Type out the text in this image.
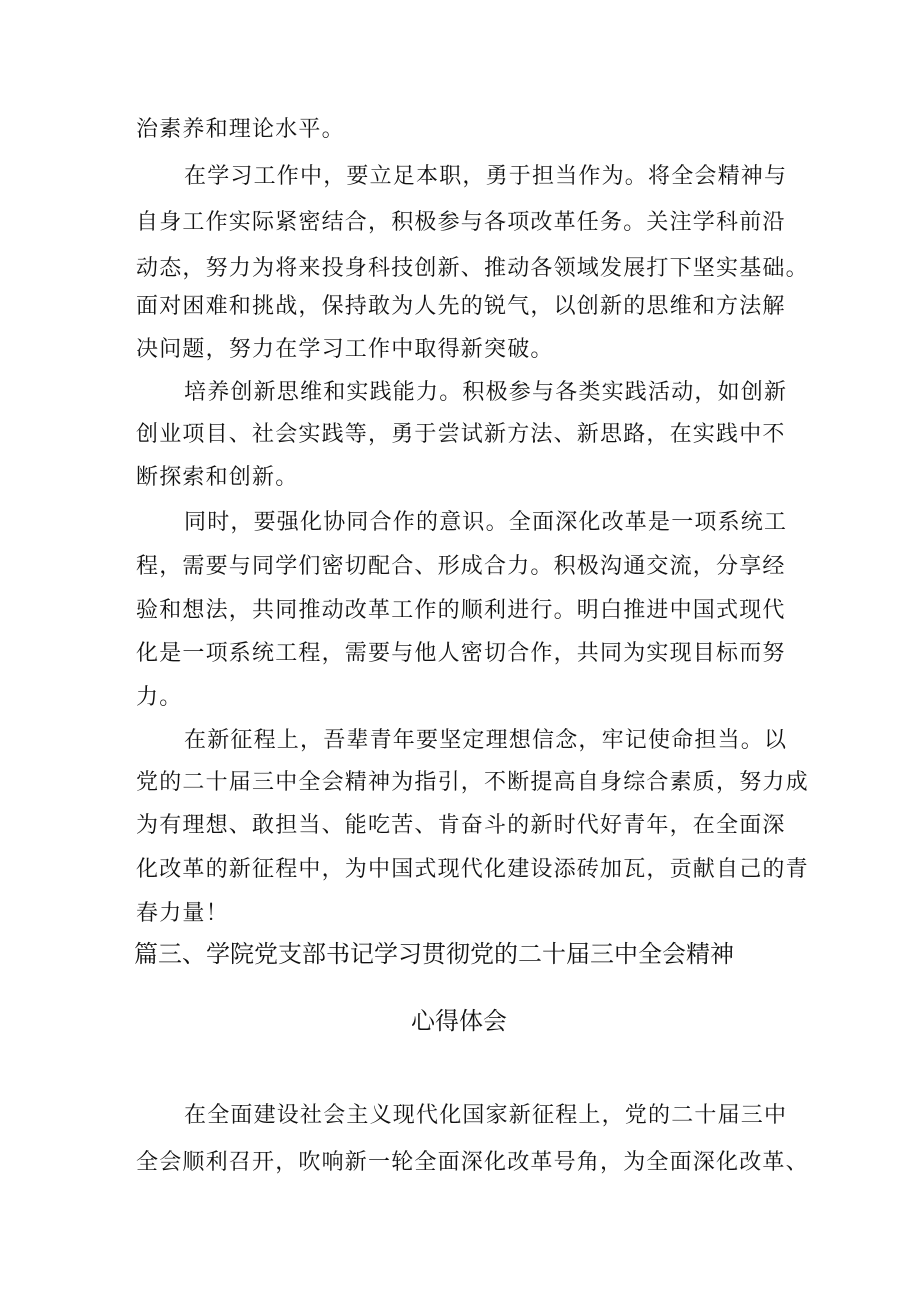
治素养和理论水平。
在学习工作中，要立足本职，勇于担当作为。将全会精神与
自身工作实际紧密结合，积极参与各项改革任务。关注学科前沿
动态，努力为将来投身科技创新、推动各领域发展打下坚实基础。
面对困难和挑战，保持敢为人先的锐气，以创新的思维和方法解
决问题，努力在学习工作中取得新突破。
培养创新思维和实践能力。积极参与各类实践活动，如创新
创业项目、社会实践等，勇于尝试新方法、新思路，在实践中不
断探索和创新。
同时，要强化协同合作的意识。全面深化改革是一项系统工
程，需要与同学们密切配合、形成合力。积极沟通交流，分享经
验和想法，共同推动改革工作的顺利进行。明白推进中国式现代
化是一项系统工程，需要与他人密切合作，共同为实现目标而努
力。
在新征程上，吾辈青年要坚定理想信念，牢记使命担当。以
党的二十届三中全会精神为指引，不断提高自身综合素质，努力成
为有理想、敢担当、能吃苦、肯奋斗的新时代好青年，在全面深
化改革的新征程中，为中国式现代化建设添砖加瓦，贡献自己的青
春力量！
篇三、学院党支部书记学习贯彻党的二十届三中全会精神
心得体会
在全面建设社会主义现代化国家新征程上，党的二十届三中
全会顺利召开，吹响新一轮全面深化改革号角，为全面深化改革、
